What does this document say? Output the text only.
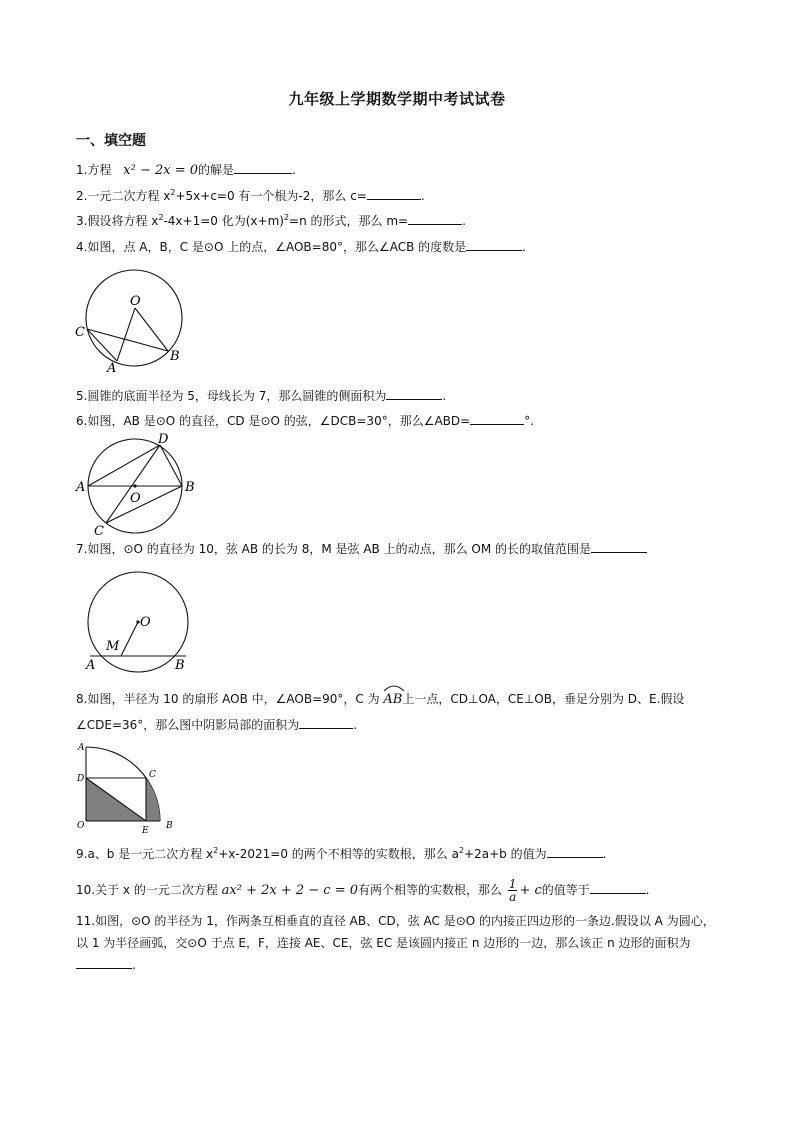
九年级上学期数学期中考试试卷
一、填空题
1.方程 x² − 2x = 0的解是	.
2.一元二次方程 $x^2+5x+c=0$ 有一个根为-2，那么 c=	.
3.假设将方程 $x^2-4x+1=0$ 化为$(x+m)^2=n$ 的形式，那么 m=	.
4.如图，点 A，B，C 是⊙O 上的点，∠AOB=80°，那么∠ACB 的度数是	.
O
C
A
B
5.圆锥的底面半径为 5，母线长为 7，那么圆锥的侧面积为	.
6.如图，AB 是⊙O 的直径，CD 是⊙O 的弦，∠DCB=30°，那么∠ABD=	°.
A	B
O
D
C
7.如图，⊙O 的直径为 10，弦 AB 的长为 8，M 是弦 AB 上的动点，那么 OM 的长的取值范围是
O
M
A	B
8.如图，半径为 10 的扇形 AOB 中，∠AOB=90°，C 为 AB
上一点，CD⊥OA，CE⊥OB，垂足分别为 D、E.假设
∠CDE=36°，那么图中阴影局部的面积为	.
A
D	C
O	E B
9.a、b 是一元二次方程 $x^2+x-2021=0$ 的两个不相等的实数根，那么 $a^2+2a+b$ 的值为	.
10.关于 x 的一元二次方程 ax² + 2x + 2 − c = 0有两个相等的实数根，那么 $\frac{1}{a} + c$的值等于	.
11.如图，⊙O 的半径为 1，作两条互相垂直的直径 AB、CD，弦 AC 是⊙O 的内接正四边形的一条边.假设以 A 为圆心，以 1 为半径画弧，交⊙O 于点 E，F，连接 AE、CE，弦 EC 是该圆内接正 n 边形的一边，那么该正 n 边形的面积为.
